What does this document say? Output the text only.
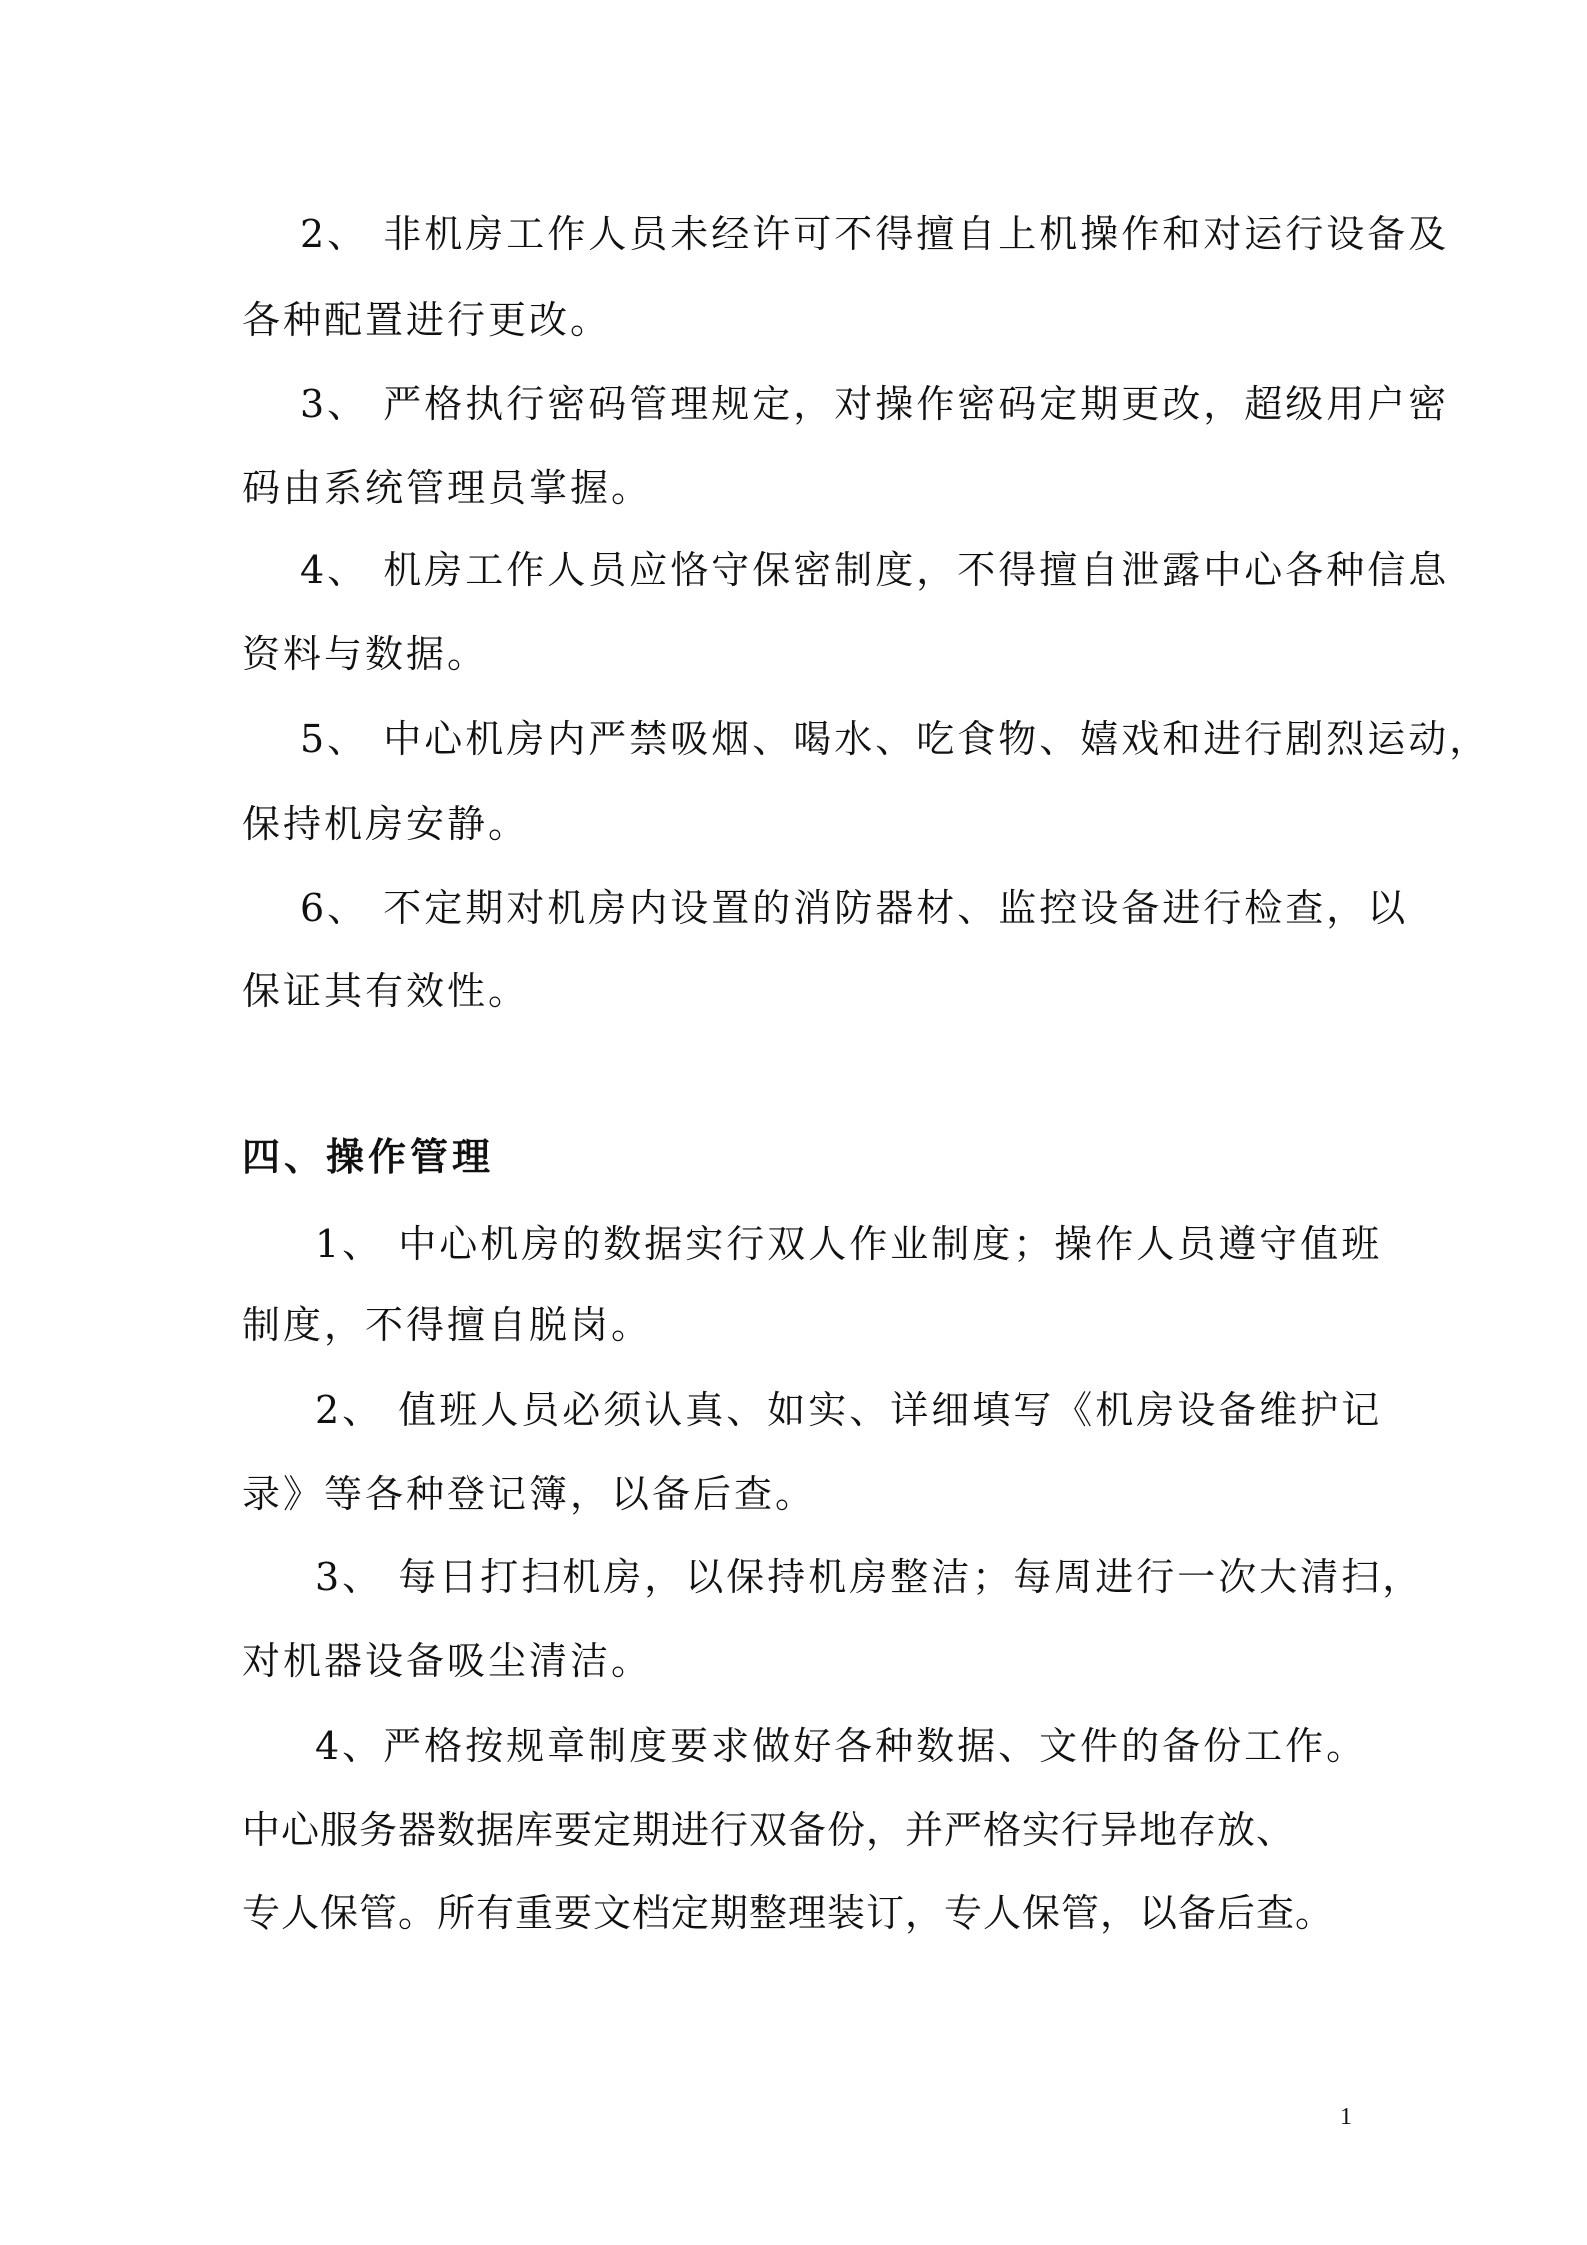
2、 非机房工作人员未经许可不得擅自上机操作和对运行设备及
各种配置进行更改。
3、 严格执行密码管理规定，对操作密码定期更改，超级用户密
码由系统管理员掌握。
4、 机房工作人员应恪守保密制度，不得擅自泄露中心各种信息
资料与数据。
5、 中心机房内严禁吸烟、喝水、吃食物、嬉戏和进行剧烈运动，
保持机房安静。
6、 不定期对机房内设置的消防器材、监控设备进行检查，以
保证其有效性。
四、操作管理
1、 中心机房的数据实行双人作业制度；操作人员遵守值班
制度，不得擅自脱岗。
2、 值班人员必须认真、如实、详细填写《机房设备维护记
录》等各种登记簿，以备后查。
3、 每日打扫机房，以保持机房整洁；每周进行一次大清扫，
对机器设备吸尘清洁。
4、严格按规章制度要求做好各种数据、文件的备份工作。
中心服务器数据库要定期进行双备份，并严格实行异地存放、
专人保管。所有重要文档定期整理装订，专人保管，以备后查。
1
